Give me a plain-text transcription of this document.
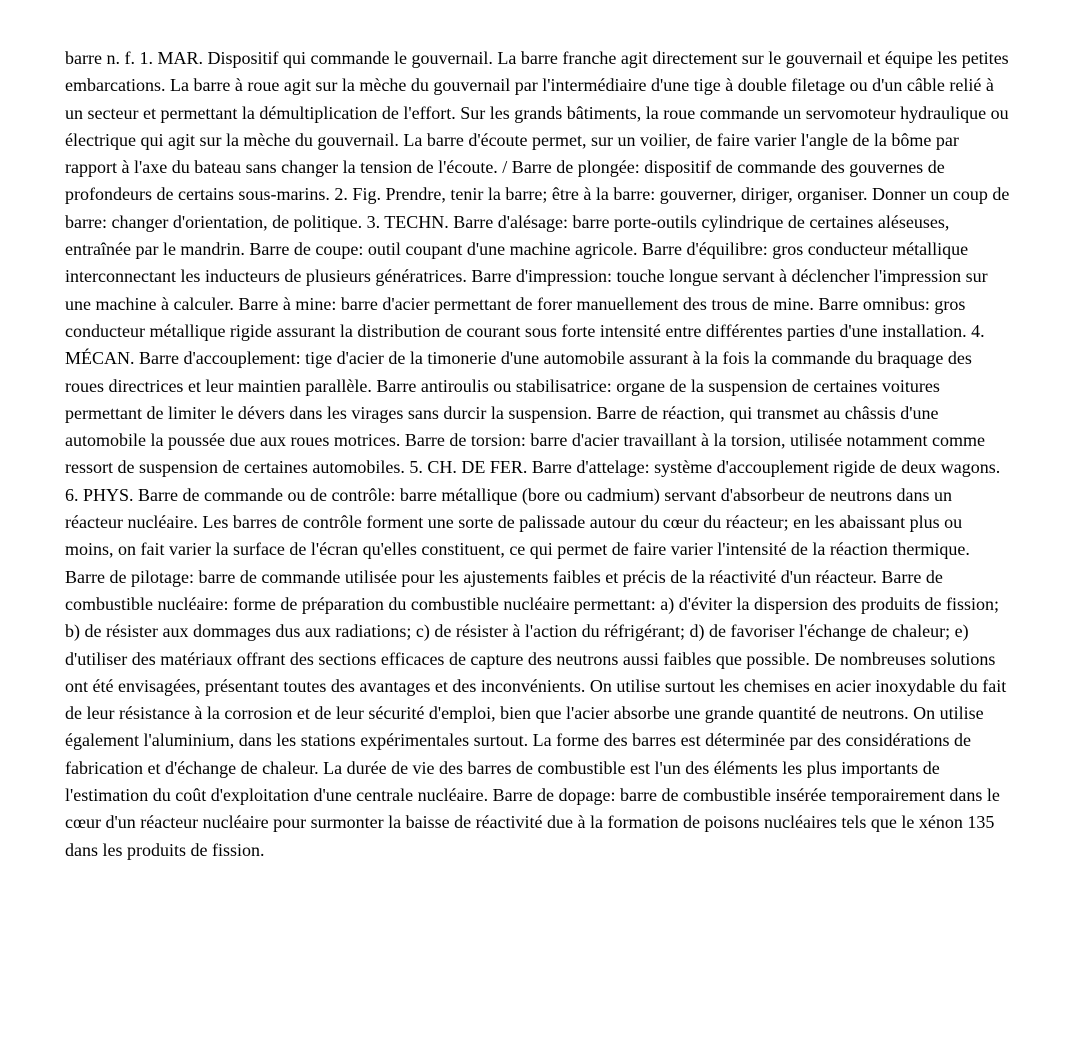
barre n. f. 1. MAR. Dispositif qui commande le gouvernail. La barre franche agit directement sur le gouvernail et équipe les petites embarcations. La barre à roue agit sur la mèche du gouvernail par l'intermédiaire d'une tige à double filetage ou d'un câble relié à un secteur et permettant la démultiplication de l'effort. Sur les grands bâtiments, la roue commande un servomoteur hydraulique ou électrique qui agit sur la mèche du gouvernail. La barre d'écoute permet, sur un voilier, de faire varier l'angle de la bôme par rapport à l'axe du bateau sans changer la tension de l'écoute. / Barre de plongée: dispositif de commande des gouvernes de profondeurs de certains sous-marins. 2. Fig. Prendre, tenir la barre; être à la barre: gouverner, diriger, organiser. Donner un coup de barre: changer d'orientation, de politique. 3. TECHN. Barre d'alésage: barre porte-outils cylindrique de certaines aléseuses, entraînée par le mandrin. Barre de coupe: outil coupant d'une machine agricole. Barre d'équilibre: gros conducteur métallique interconnectant les inducteurs de plusieurs génératrices. Barre d'impression: touche longue servant à déclencher l'impression sur une machine à calculer. Barre à mine: barre d'acier permettant de forer manuellement des trous de mine. Barre omnibus: gros conducteur métallique rigide assurant la distribution de courant sous forte intensité entre différentes parties d'une installation. 4. MÉCAN. Barre d'accouplement: tige d'acier de la timonerie d'une automobile assurant à la fois la commande du braquage des roues directrices et leur maintien parallèle. Barre antiroulis ou stabilisatrice: organe de la suspension de certaines voitures permettant de limiter le dévers dans les virages sans durcir la suspension. Barre de réaction, qui transmet au châssis d'une automobile la poussée due aux roues motrices. Barre de torsion: barre d'acier travaillant à la torsion, utilisée notamment comme ressort de suspension de certaines automobiles. 5. CH. DE FER. Barre d'attelage: système d'accouplement rigide de deux wagons. 6. PHYS. Barre de commande ou de contrôle: barre métallique (bore ou cadmium) servant d'absorbeur de neutrons dans un réacteur nucléaire. Les barres de contrôle forment une sorte de palissade autour du cœur du réacteur; en les abaissant plus ou moins, on fait varier la surface de l'écran qu'elles constituent, ce qui permet de faire varier l'intensité de la réaction thermique. Barre de pilotage: barre de commande utilisée pour les ajustements faibles et précis de la réactivité d'un réacteur. Barre de combustible nucléaire: forme de préparation du combustible nucléaire permettant: a) d'éviter la dispersion des produits de fission; b) de résister aux dommages dus aux radiations; c) de résister à l'action du réfrigérant; d) de favoriser l'échange de chaleur; e) d'utiliser des matériaux offrant des sections efficaces de capture des neutrons aussi faibles que possible. De nombreuses solutions ont été envisagées, présentant toutes des avantages et des inconvénients. On utilise surtout les chemises en acier inoxydable du fait de leur résistance à la corrosion et de leur sécurité d'emploi, bien que l'acier absorbe une grande quantité de neutrons. On utilise également l'aluminium, dans les stations expérimentales surtout. La forme des barres est déterminée par des considérations de fabrication et d'échange de chaleur. La durée de vie des barres de combustible est l'un des éléments les plus importants de l'estimation du coût d'exploitation d'une centrale nucléaire. Barre de dopage: barre de combustible insérée temporairement dans le cœur d'un réacteur nucléaire pour surmonter la baisse de réactivité due à la formation de poisons nucléaires tels que le xénon 135 dans les produits de fission.
